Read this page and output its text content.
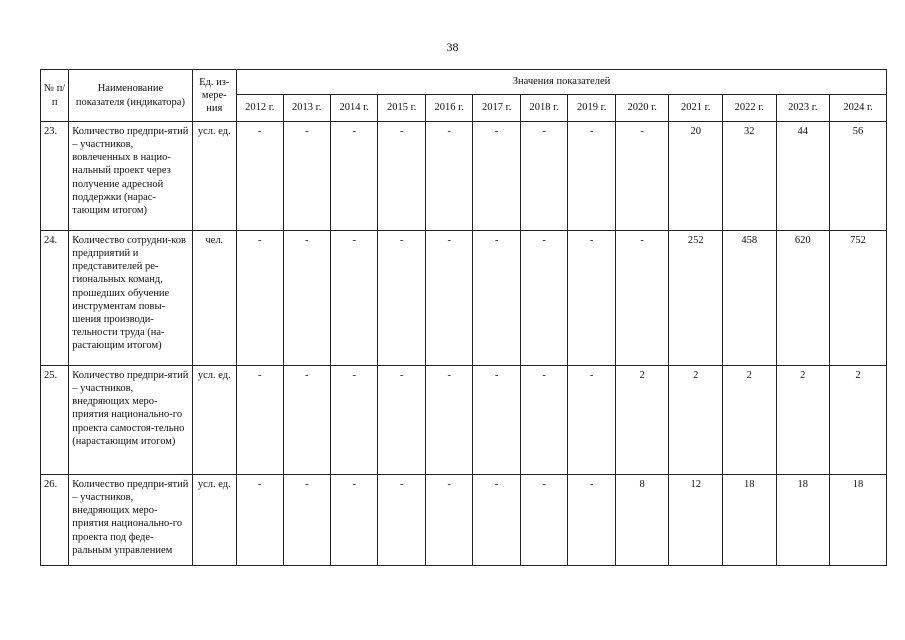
38
№ п/п	Наименование показателя (индикатора)	Ед. из-мере-ния	Значения показателей												
			2012 г.	2013 г.	2014 г.	2015 г.	2016 г.	2017 г.	2018 г.	2019 г.	2020 г.	2021 г.	2022 г.	2023 г.	2024 г.
23.	Количество предпри-ятий – участников, вовлеченных в нацио-нальный проект через получение адресной поддержки (нарас-тающим итогом)	усл. ед.	-	-	-	-	-	-	-	-	-	20	32	44	56
24.	Количество сотрудни-ков предприятий и представителей ре-гиональных команд, прошедших обучение инструментам повы-шения производи-тельности труда (на-растающим итогом)	чел.	-	-	-	-	-	-	-	-	-	252	458	620	752
25.	Количество предпри-ятий – участников, внедряющих меро-приятия национально-го проекта самостоя-тельно (нарастающим итогом)	усл. ед.	-	-	-	-	-	-	-	-	2	2	2	2	2
26.	Количество предпри-ятий – участников, внедряющих меро-приятия национально-го проекта под феде-ральным управлением	усл. ед.	-	-	-	-	-	-	-	-	8	12	18	18	18
